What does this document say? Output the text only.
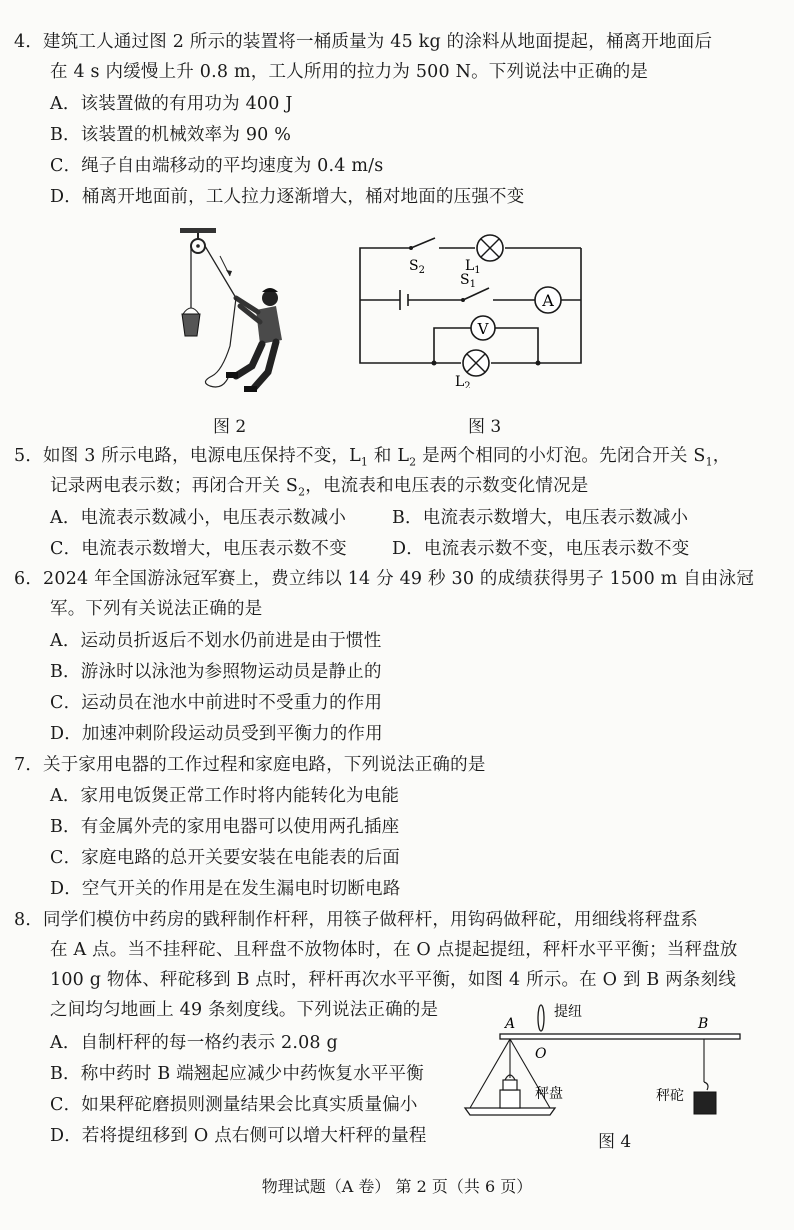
4．建筑工人通过图 2 所示的装置将一桶质量为 45 kg 的涂料从地面提起，桶离开地面后
在 4 s 内缓慢上升 0.8 m，工人所用的拉力为 500 N。下列说法中正确的是
A．该装置做的有用功为 400 J
B．该装置的机械效率为 90 %
C．绳子自由端移动的平均速度为 0.4 m/s
D．桶离开地面前，工人拉力逐渐增大，桶对地面的压强不变
图 2
A
V
$S_2$	$L_1$
$S_1$
$L_2$
图 3
5．如图 3 所示电路，电源电压保持不变，$L_1$ 和 $L_2$ 是两个相同的小灯泡。先闭合开关 $S_1$，
记录两电表示数；再闭合开关 $S_2$，电流表和电压表的示数变化情况是
A．电流表示数减小，电压表示数减小	B．电流表示数增大，电压表示数减小
C．电流表示数增大，电压表示数不变	D．电流表示数不变，电压表示数不变
6．2024 年全国游泳冠军赛上，费立纬以 14 分 49 秒 30 的成绩获得男子 1500 m 自由泳冠
军。下列有关说法正确的是
A．运动员折返后不划水仍前进是由于惯性
B．游泳时以泳池为参照物运动员是静止的
C．运动员在池水中前进时不受重力的作用
D．加速冲刺阶段运动员受到平衡力的作用
7．关于家用电器的工作过程和家庭电路，下列说法正确的是
A．家用电饭煲正常工作时将内能转化为电能
B．有金属外壳的家用电器可以使用两孔插座
C．家庭电路的总开关要安装在电能表的后面
D．空气开关的作用是在发生漏电时切断电路
8．同学们模仿中药房的戥秤制作杆秤，用筷子做秤杆，用钩码做秤砣，用细线将秤盘系
在 A 点。当不挂秤砣、且秤盘不放物体时，在 O 点提起提纽，秤杆水平平衡；当秤盘放
100 g 物体、秤砣移到 B 点时，秤杆再次水平平衡，如图 4 所示。在 O 到 B 两条刻线
之间均匀地画上 49 条刻度线。下列说法正确的是
A．自制杆秤的每一格约表示 2.08 g
B．称中药时 B 端翘起应减少中药恢复水平平衡
C．如果秤砣磨损则测量结果会比真实质量偏小
D．若将提纽移到 O 点右侧可以增大杆秤的量程
A
O
B
提纽
秤盘	秤砣
图 4
物理试题（A 卷） 第 2 页（共 6 页）
